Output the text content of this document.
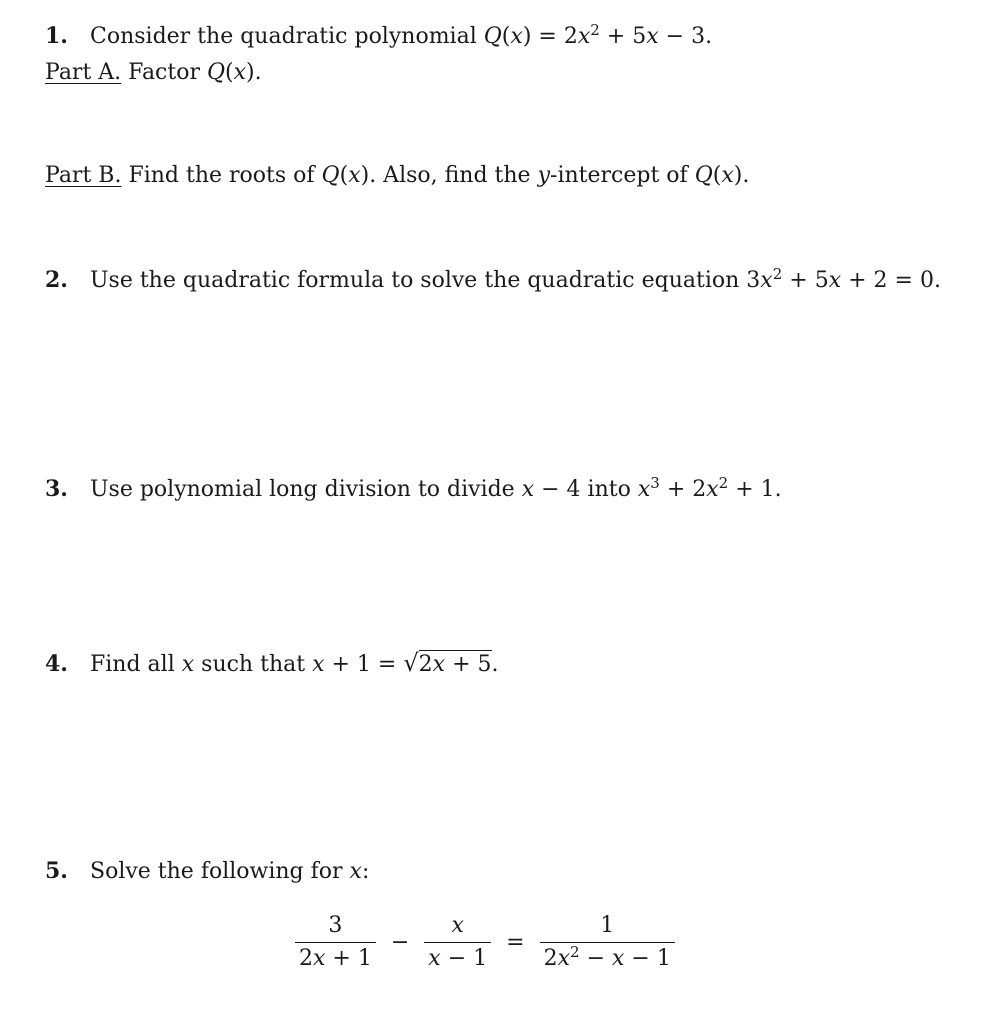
1. Consider the quadratic polynomial $Q(x) = 2x^2 + 5x - 3$.
Part A. Factor Q(x).
Part B. Find the roots of Q(x). Also, find the y-intercept of Q(x).
2. Use the quadratic formula to solve the quadratic equation $3x^2 + 5x + 2 = 0$.
3. Use polynomial long division to divide x − 4 into $x^3 + 2x^2 + 1$.
4. Find all x such that x + 1 = √2x + 5.
5. Solve the following for x:
$\frac{3}{2x + 1} - \frac{x}{x - 1} = \frac{1}{2x^2 - x - 1}$
